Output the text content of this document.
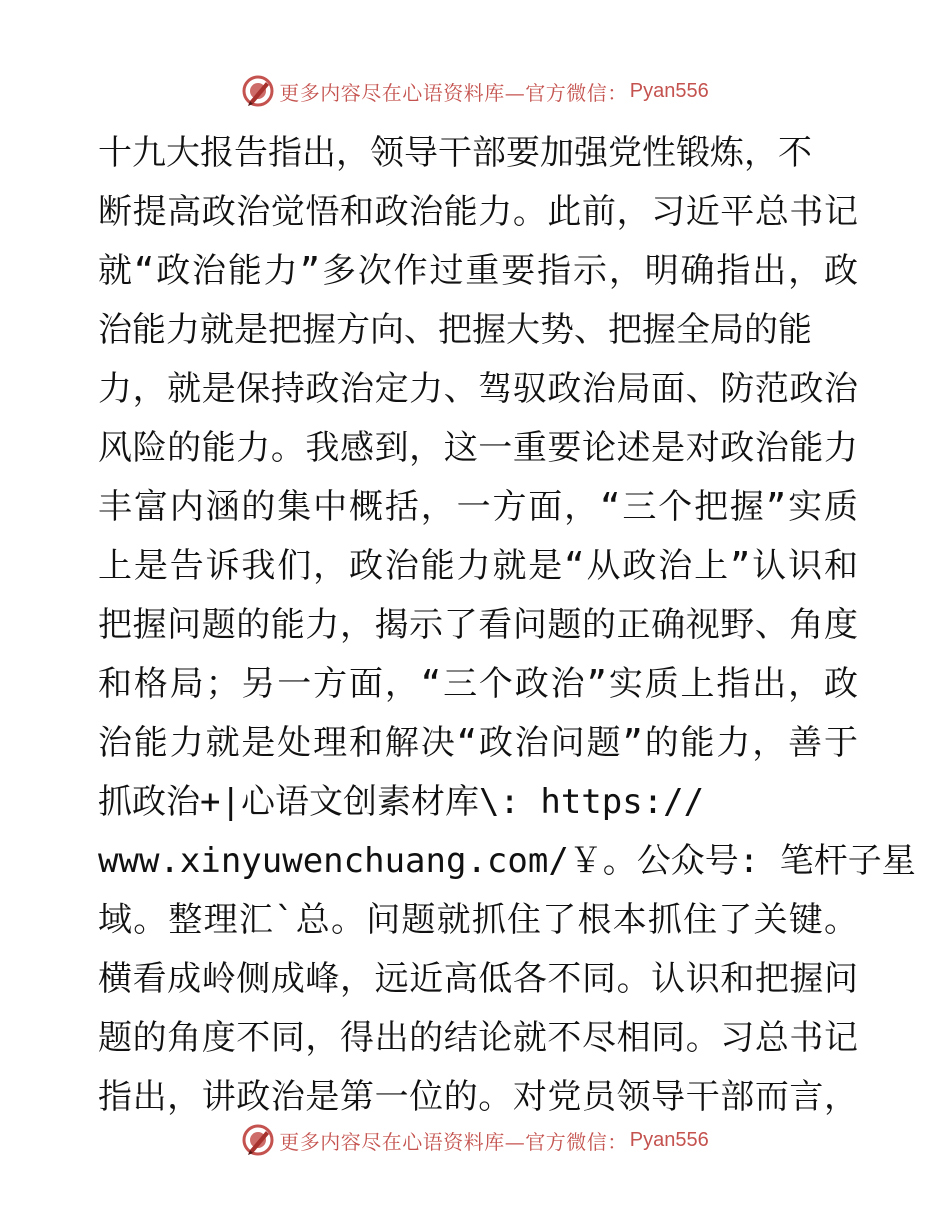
更多内容尽在心语资料库—官方微信： Pyan556
十九大报告指出，领导干部要加强党性锻炼，不
断提高政治觉悟和政治能力。此前，习近平总书记
就“政治能力”多次作过重要指示，明确指出，政
治能力就是把握方向、把握大势、把握全局的能
力，就是保持政治定力、驾驭政治局面、防范政治
风险的能力。我感到，这一重要论述是对政治能力
丰富内涵的集中概括，一方面，“三个把握”实质
上是告诉我们，政治能力就是“从政治上”认识和
把握问题的能力，揭示了看问题的正确视野、角度
和格局；另一方面，“三个政治”实质上指出，政
治能力就是处理和解决“政治问题”的能力，善于
抓政治+|心语文创素材库\: https://
www.xinyuwenchuang.com/￥。公众号: 笔杆子星
域。整理汇`总。问题就抓住了根本抓住了关键。
横看成岭侧成峰，远近高低各不同。认识和把握问
题的角度不同，得出的结论就不尽相同。习总书记
指出，讲政治是第一位的。对党员领导干部而言，
更多内容尽在心语资料库—官方微信： Pyan556
